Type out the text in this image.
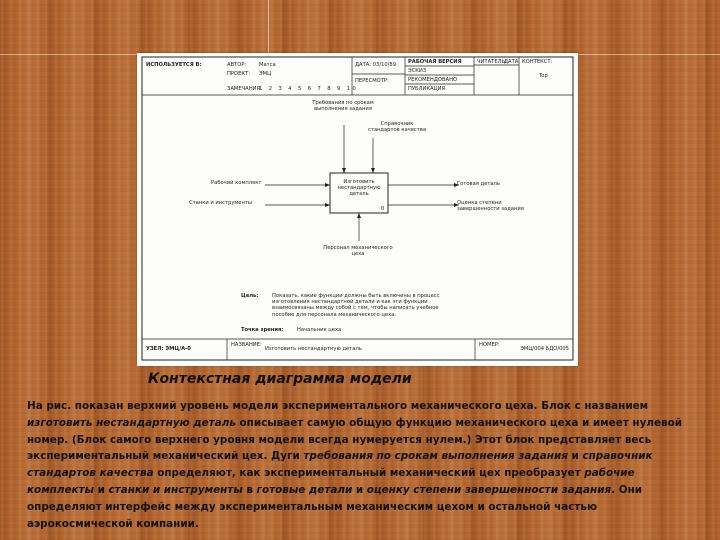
ИСПОЛЬЗУЕТСЯ В:	АВТОР: Матса
ПРОЕКТ: ЭМЦ
ЗАМЕЧАНИЯ:
1 2 3 4 5 6 7 8 9 10
ДАТА: 03/10/89
ПЕРЕСМОТР:
РАБОЧАЯ ВЕРСИЯ
ЭСКИЗ
РЕКОМЕНДОВАНО
ПУБЛИКАЦИЯ
ЧИТАТЕЛЬ:
ДАТА КОНТЕКСТ:
Top
Изготовить нестандартную деталь
0
Требования по срокам выполнения задания
Справочник стандартов качества
Рабочий комплект
Станки и инструменты
Готовая деталь
Оценка степени завершенности задания
Персонал механического цеха
Цель:	Показать, какие функции должны быть включены в процесс изготовления нестандартной детали и как эти функции взаимосвязаны между собой с тем, чтобы написать учебное пособие для персонала механического цеха.
Точка зрения:	Начальник цеха
УЗЕЛ: ЭМЦ/А-0
НАЗВАНИЕ:
Изготовить нестандартную деталь
НОМЕР:
ЭМЦ/004 БДО/005
Контекстная диаграмма модели
На рис. показан верхний уровень модели экспериментального механического цеха. Блок с названием изготовить нестандартную деталь описывает самую общую функцию механического цеха и имеет нулевой номер. (Блок самого верхнего уровня модели всегда нумеруется нулем.) Этот блок представляет весь экспериментальный механический цех. Дуги требования по срокам выполнения задания и справочник стандартов качества определяют, как экспериментальный механический цех преобразует рабочие комплекты и станки и инструменты в готовые детали и оценку степени завершенности задания. Они определяют интерфейс между экспериментальным механическим цехом и остальной частью аэрокосмической компании.
